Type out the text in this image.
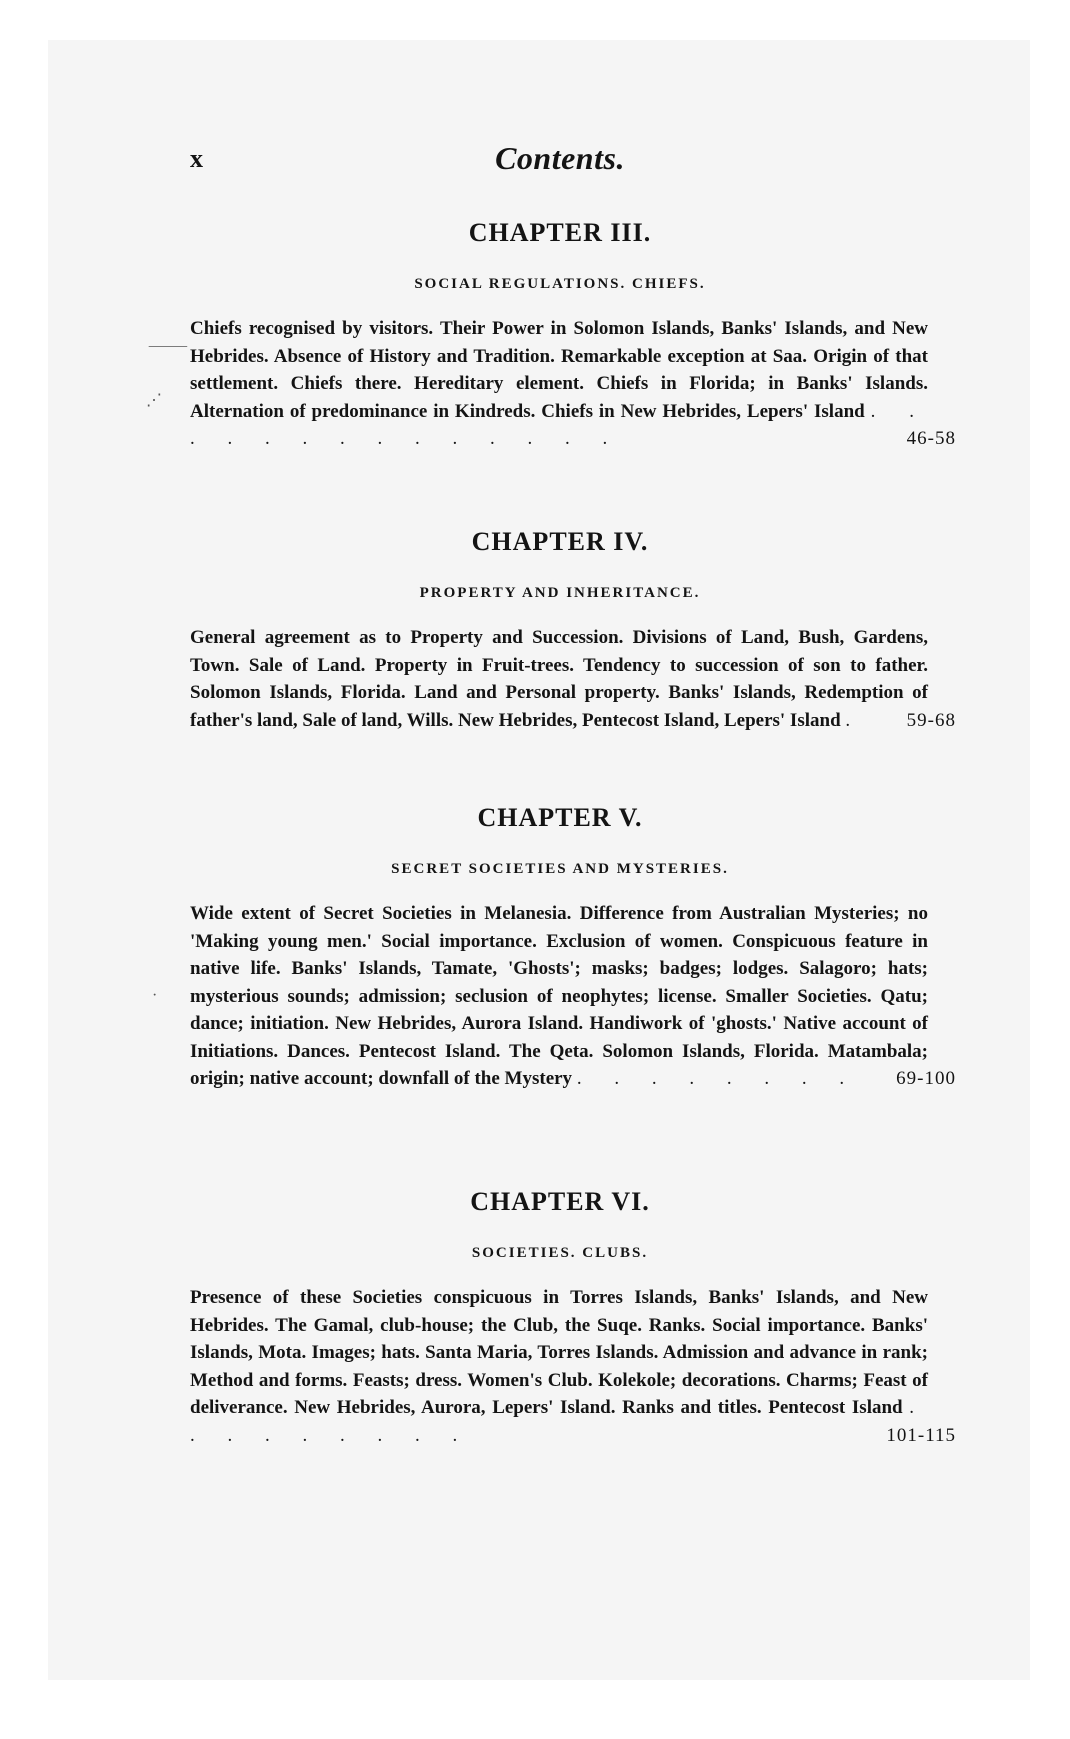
x	Contents.
CHAPTER III.
SOCIAL REGULATIONS. CHIEFS.

⸻
⋰
Chiefs recognised by visitors. Their Power in Solomon Islands, Banks' Islands, and New Hebrides. Absence of History and Tradition. Remarkable exception at Saa. Origin of that settlement. Chiefs there. Hereditary element. Chiefs in Florida; in Banks' Islands. Alternation of predominance in Kindreds. Chiefs in New Hebrides, Lepers' Island . . . . . . . . . . . . . .	46-58

CHAPTER IV.
PROPERTY AND INHERITANCE.

General agreement as to Property and Succession. Divisions of Land, Bush, Gardens, Town. Sale of Land. Property in Fruit-trees. Tendency to succession of son to father. Solomon Islands, Florida. Land and Personal property. Banks' Islands, Redemption of father's land, Sale of land, Wills. New Hebrides, Pentecost Island, Lepers' Island . 59-68

CHAPTER V.
SECRET SOCIETIES AND MYSTERIES.

·
Wide extent of Secret Societies in Melanesia. Difference from Australian Mysteries; no 'Making young men.' Social importance. Exclusion of women. Conspicuous feature in native life. Banks' Islands, Tamate, 'Ghosts'; masks; badges; lodges. Salagoro; hats; mysterious sounds; admission; seclusion of neophytes; license. Smaller Societies. Qatu; dance; initiation. New Hebrides, Aurora Island. Handiwork of 'ghosts.' Native account of Initiations. Dances. Pentecost Island. The Qeta. Solomon Islands, Florida. Matambala; origin; native account; downfall of the Mystery . . . . . . . . 69-100

CHAPTER VI.
SOCIETIES. CLUBS.

Presence of these Societies conspicuous in Torres Islands, Banks' Islands, and New Hebrides. The Gamal, club-house; the Club, the Suqe. Ranks. Social importance. Banks' Islands, Mota. Images; hats. Santa Maria, Torres Islands. Admission and advance in rank; Method and forms. Feasts; dress. Women's Club. Kolekole; decorations. Charms; Feast of deliverance. New Hebrides, Aurora, Lepers' Island. Ranks and titles. Pentecost Island . . . . . . . . .	101-115
